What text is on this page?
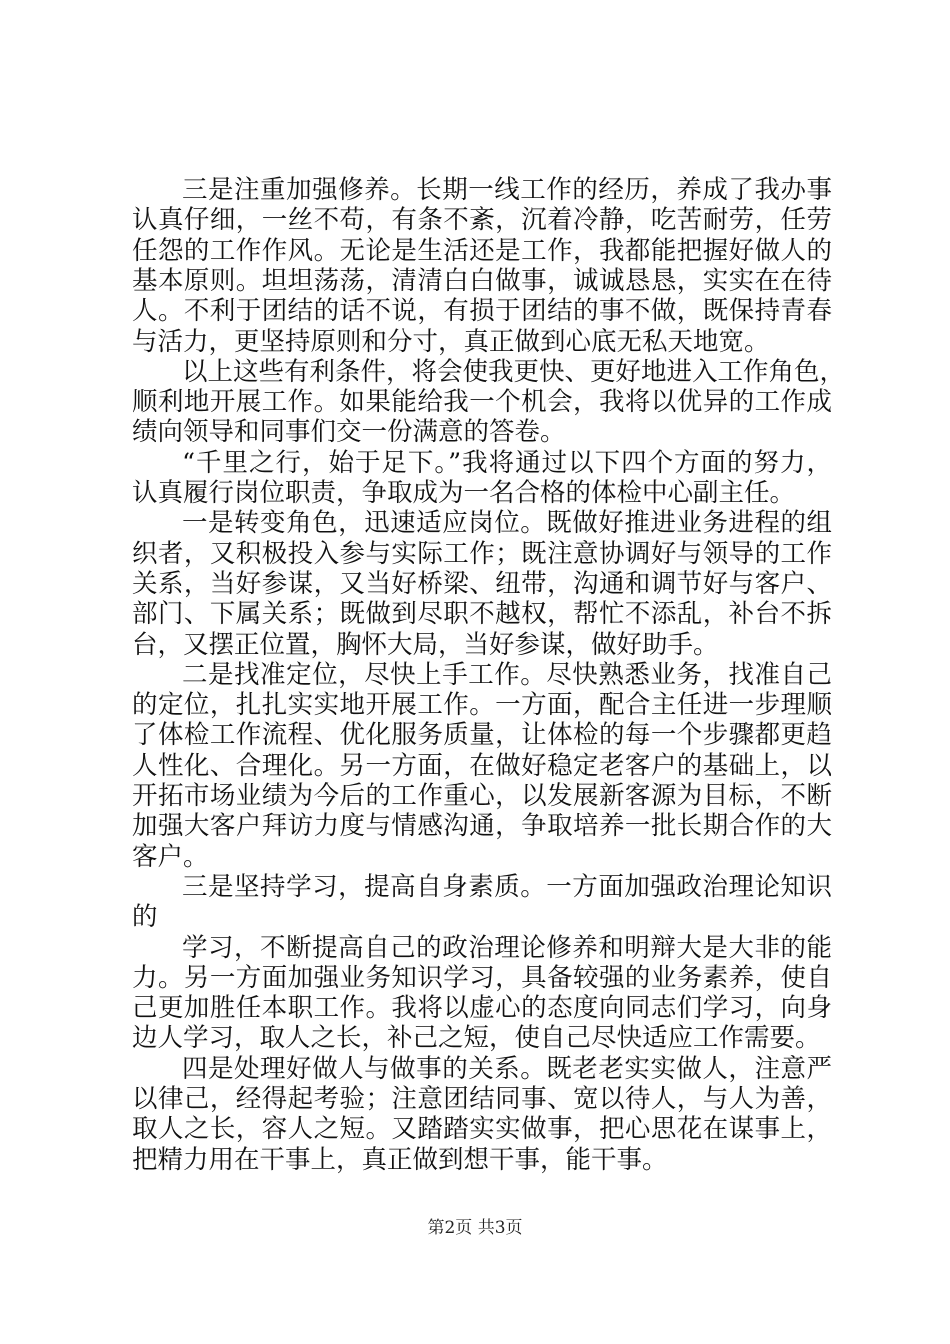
三是注重加强修养。长期一线工作的经历，养成了我办事
认真仔细，一丝不苟，有条不紊，沉着冷静，吃苦耐劳，任劳
任怨的工作作风。无论是生活还是工作，我都能把握好做人的
基本原则。坦坦荡荡，清清白白做事，诚诚恳恳，实实在在待
人。不利于团结的话不说，有损于团结的事不做，既保持青春
与活力，更坚持原则和分寸，真正做到心底无私天地宽。
以上这些有利条件，将会使我更快、更好地进入工作角色，
顺利地开展工作。如果能给我一个机会，我将以优异的工作成
绩向领导和同事们交一份满意的答卷。
“千里之行，始于足下。”我将通过以下四个方面的努力，
认真履行岗位职责，争取成为一名合格的体检中心副主任。
一是转变角色，迅速适应岗位。既做好推进业务进程的组
织者，又积极投入参与实际工作；既注意协调好与领导的工作
关系，当好参谋，又当好桥梁、纽带，沟通和调节好与客户、
部门、下属关系；既做到尽职不越权，帮忙不添乱，补台不拆
台，又摆正位置，胸怀大局，当好参谋，做好助手。
二是找准定位，尽快上手工作。尽快熟悉业务，找准自己
的定位，扎扎实实地开展工作。一方面，配合主任进一步理顺
了体检工作流程、优化服务质量，让体检的每一个步骤都更趋
人性化、合理化。另一方面，在做好稳定老客户的基础上，以
开拓市场业绩为今后的工作重心，以发展新客源为目标，不断
加强大客户拜访力度与情感沟通，争取培养一批长期合作的大
客户。
三是坚持学习，提高自身素质。一方面加强政治理论知识
的
学习，不断提高自己的政治理论修养和明辩大是大非的能
力。另一方面加强业务知识学习，具备较强的业务素养，使自
己更加胜任本职工作。我将以虚心的态度向同志们学习，向身
边人学习，取人之长，补己之短，使自己尽快适应工作需要。
四是处理好做人与做事的关系。既老老实实做人，注意严
以律己，经得起考验；注意团结同事、宽以待人，与人为善，
取人之长，容人之短。又踏踏实实做事，把心思花在谋事上，
把精力用在干事上，真正做到想干事，能干事。
第2页 共3页
